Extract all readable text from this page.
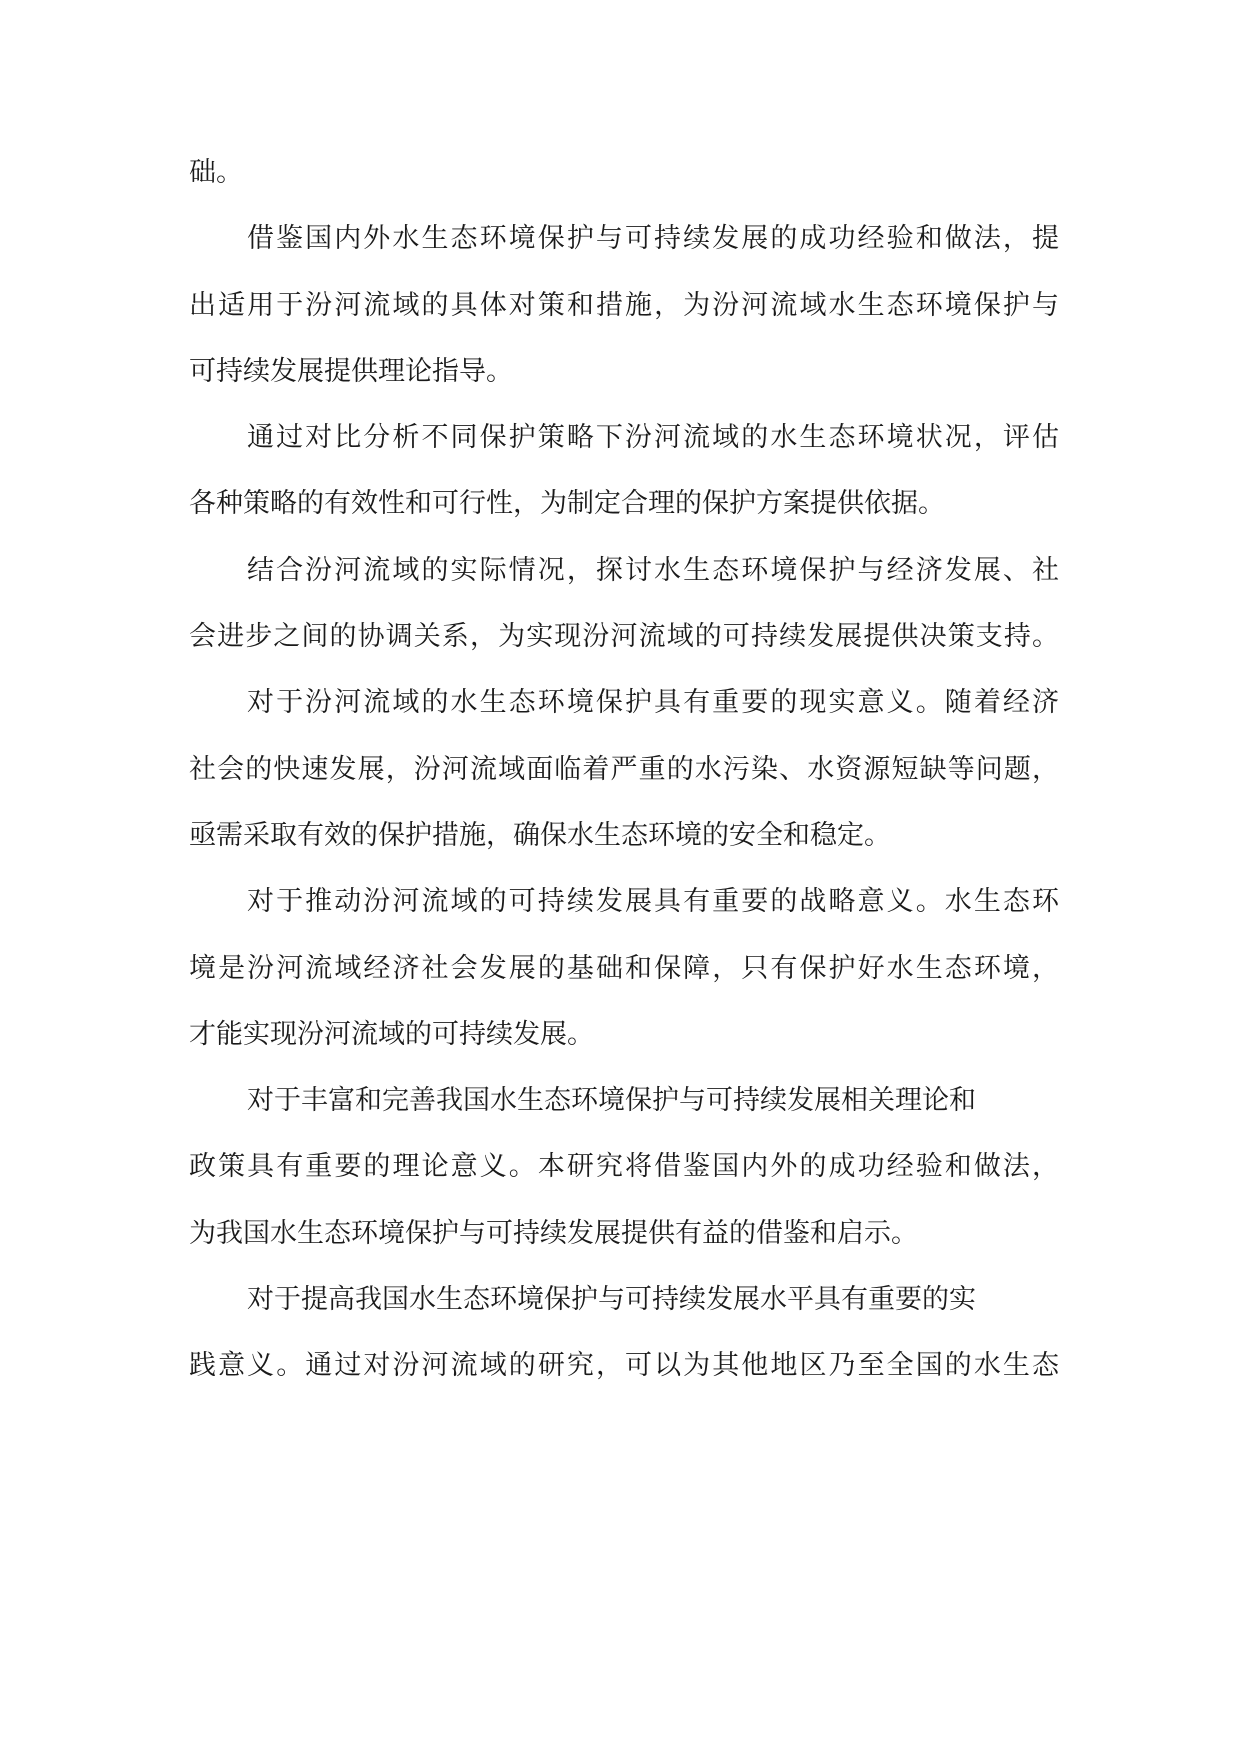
础。
借鉴国内外水生态环境保护与可持续发展的成功经验和做法，提
出适用于汾河流域的具体对策和措施，为汾河流域水生态环境保护与
可持续发展提供理论指导。
通过对比分析不同保护策略下汾河流域的水生态环境状况，评估
各种策略的有效性和可行性，为制定合理的保护方案提供依据。
结合汾河流域的实际情况，探讨水生态环境保护与经济发展、社
会进步之间的协调关系，为实现汾河流域的可持续发展提供决策支持。
对于汾河流域的水生态环境保护具有重要的现实意义。随着经济
社会的快速发展，汾河流域面临着严重的水污染、水资源短缺等问题，
亟需采取有效的保护措施，确保水生态环境的安全和稳定。
对于推动汾河流域的可持续发展具有重要的战略意义。水生态环
境是汾河流域经济社会发展的基础和保障，只有保护好水生态环境，
才能实现汾河流域的可持续发展。
对于丰富和完善我国水生态环境保护与可持续发展相关理论和
政策具有重要的理论意义。本研究将借鉴国内外的成功经验和做法，
为我国水生态环境保护与可持续发展提供有益的借鉴和启示。
对于提高我国水生态环境保护与可持续发展水平具有重要的实
践意义。通过对汾河流域的研究，可以为其他地区乃至全国的水生态
